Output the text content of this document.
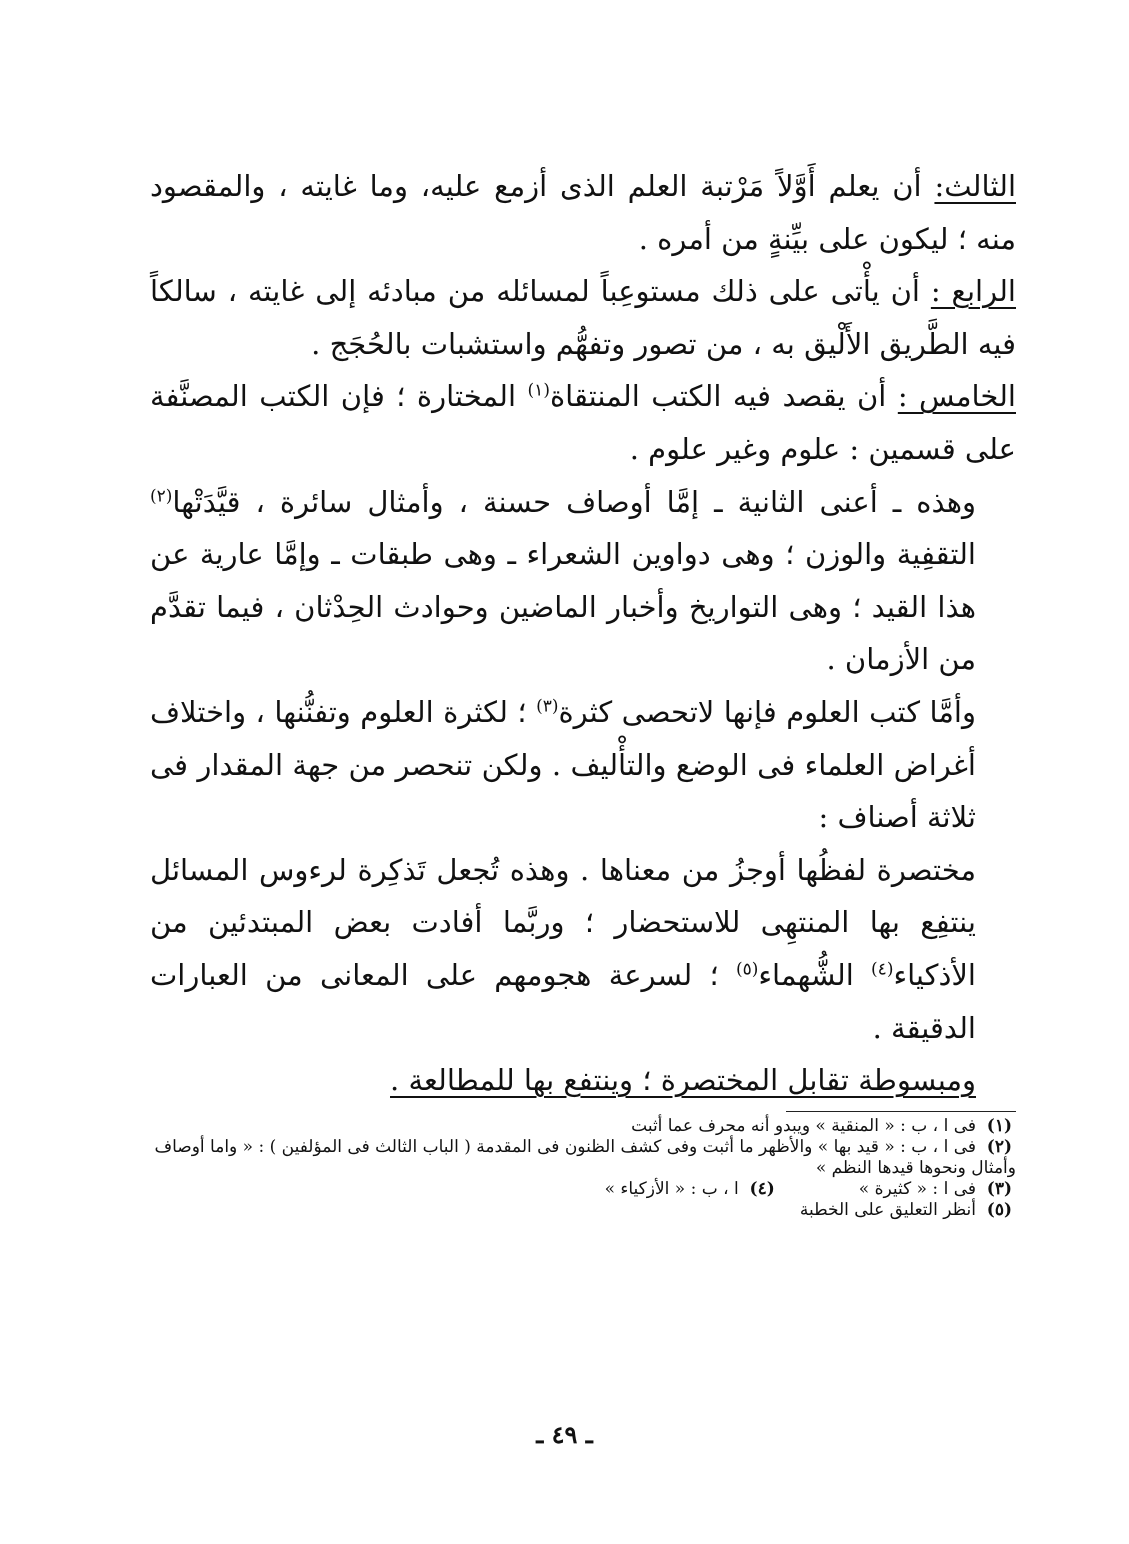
الثالث: أن يعلم أَوَّلاً مَرْتبة العلم الذى أزمع عليه، وما غايته ، والمقصود منه ؛ ليكون على بيِّنةٍ من أمره .

الرابع : أن يأْتى على ذلك مستوعِباً لمسائله من مبادئه إلى غايته ، سالكاً فيه الطَّريق الأَلْيق به ، من تصور وتفهُّم واستشبات بالحُجَج .

الخامس : أن يقصد فيه الكتب المنتقاة$^{(١)}$ المختارة ؛ فإن الكتب المصنَّفة على قسمين : علوم وغير علوم .

وهذه ـ أعنى الثانية ـ إمَّا أوصاف حسنة ، وأمثال سائرة ، قيَّدَتْها$^{(٢)}$ التقفِية والوزن ؛ وهى دواوين الشعراء ـ وهى طبقات ـ وإمَّا عارية عن هذا القيد ؛ وهى التواريخ وأخبار الماضين وحوادث الحِدْثان ، فيما تقدَّم من الأزمان .

وأمَّا كتب العلوم فإنها لاتحصى كثرة$^{(٣)}$ ؛ لكثرة العلوم وتفنُّنها ، واختلاف أغراض العلماء فى الوضع والتأْليف . ولكن تنحصر من جهة المقدار فى ثلاثة أصناف :

مختصرة لفظُها أوجزُ من معناها . وهذه تُجعل تَذكِرة لرءوس المسائل ينتفِع بها المنتهِى للاستحضار ؛ وربَّما أفادت بعض المبتدئين من الأذكياء$^{(٤)}$ الشُّهماء$^{(٥)}$ ؛ لسرعة هجومهم على المعانى من العبارات الدقيقة .

ومبسوطة تقابل المختصرة ؛ وينتفع بها للمطالعة .

(١)فى ا ، ب : « المنقية » ويبدو أنه محرف عما أثبت

(٢)فى ا ، ب : « قيد بها » والأظهر ما أثبت وفى كشف الظنون فى المقدمة ( الباب الثالث فى المؤلفين ) : « واما أوصاف وأمثال ونحوها قيدها النظم »

(٣)فى ا : « كثيرة »(٤)ا ، ب : « الأزكياء »

(٥)أنظر التعليق على الخطبة

ـ ٤٩ ـ
